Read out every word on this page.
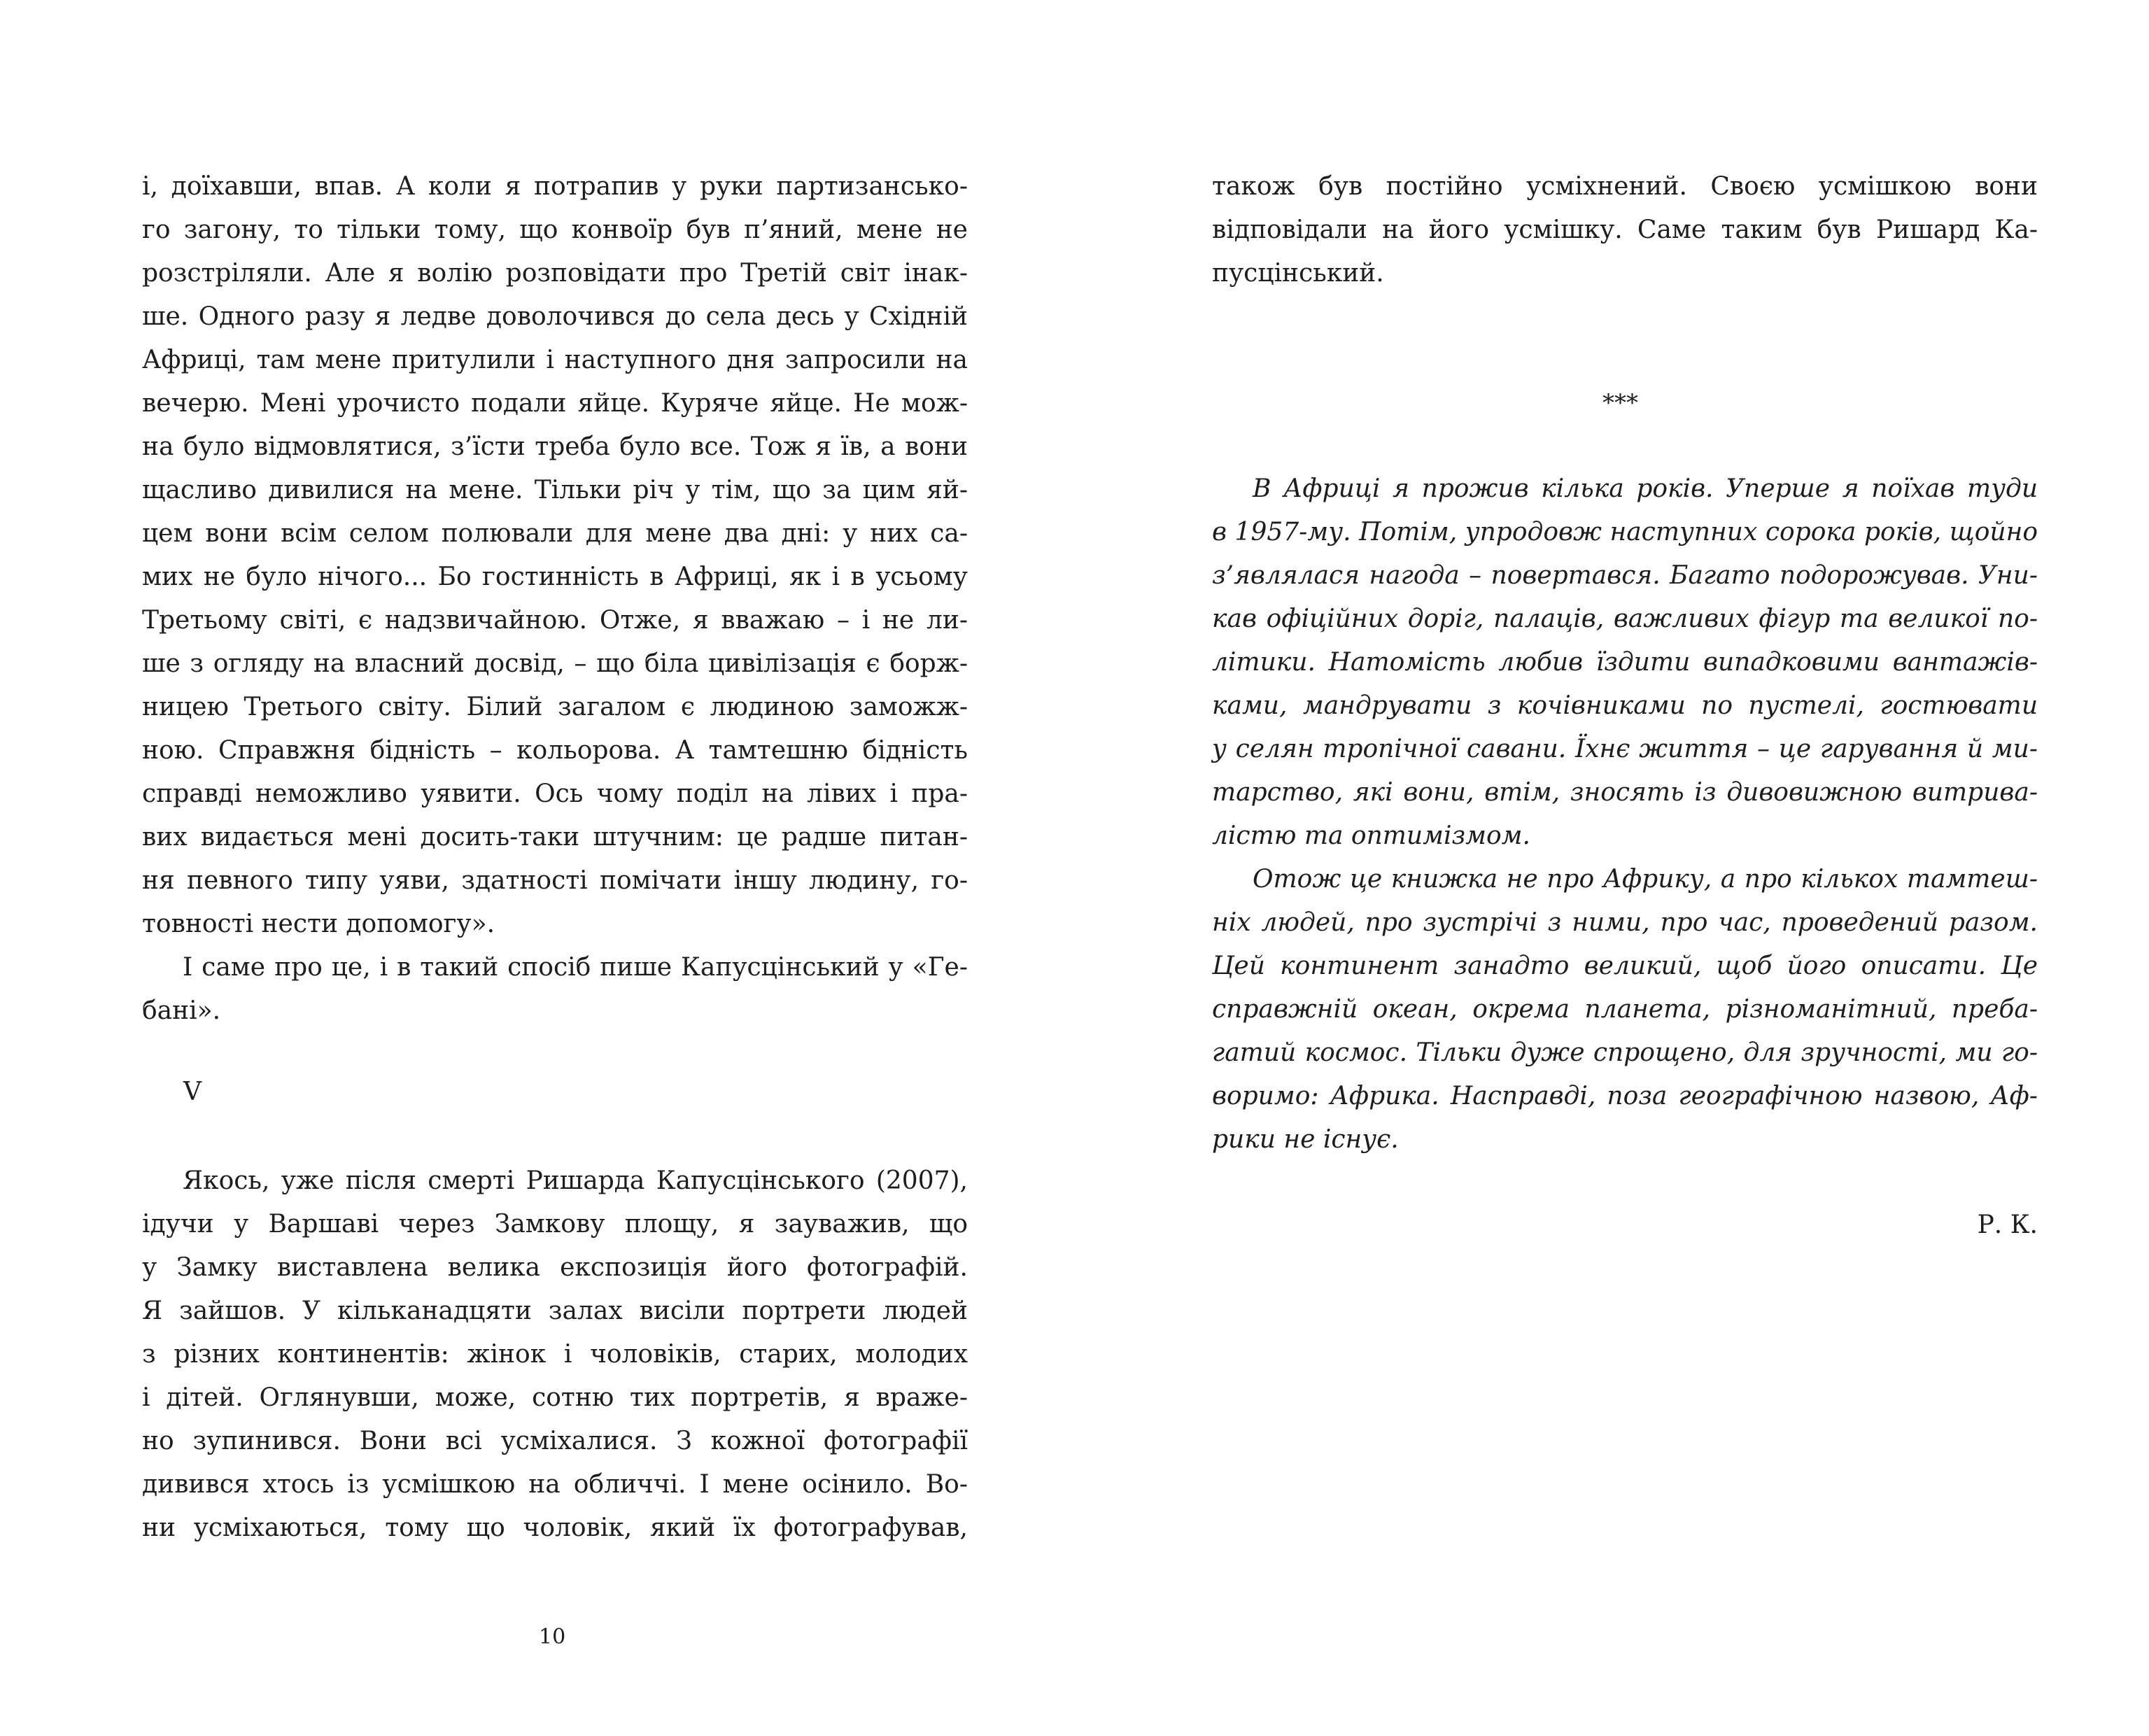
і, доїхавши, впав. А коли я потрапив у руки партизансько-
го загону, то тільки тому, що конвоїр був п’яний, мене не
розстріляли. Але я волію розповідати про Третій світ інак-
ше. Одного разу я ледве доволочився до села десь у Східній
Африці, там мене притулили і наступного дня запросили на
вечерю. Мені урочисто подали яйце. Куряче яйце. Не мож-
на було відмовлятися, з’їсти треба було все. Тож я їв, а вони
щасливо дивилися на мене. Тільки річ у тім, що за цим яй-
цем вони всім селом полювали для мене два дні: у них са-
мих не було нічого... Бо гостинність в Африці, як і в усьому
Третьому світі, є надзвичайною. Отже, я вважаю – і не ли-
ше з огляду на власний досвід, – що біла цивілізація є борж-
ницею Третього світу. Білий загалом є людиною заможж-
ною. Справжня бідність – кольорова. А тамтешню бідність
справді неможливо уявити. Ось чому поділ на лівих і пра-
вих видається мені досить-таки штучним: це радше питан-
ня певного типу уяви, здатності помічати іншу людину, го-
товності нести допомогу».
І саме про це, і в такий спосіб пише Капусцінський у «Ге-
бані».
V
Якось, уже після смерті Ришарда Капусцінського (2007),
ідучи у Варшаві через Замкову площу, я зауважив, що
у Замку виставлена велика експозиція його фотографій.
Я зайшов. У кільканадцяти залах висіли портрети людей
з різних континентів: жінок і чоловіків, старих, молодих
і дітей. Оглянувши, може, сотню тих портретів, я враже-
но зупинився. Вони всі усміхалися. З кожної фотографії
дивився хтось із усмішкою на обличчі. І мене осінило. Во-
ни усміхаються, тому що чоловік, який їх фотографував,
10
також був постійно усміхнений. Своєю усмішкою вони
відповідали на його усмішку. Саме таким був Ришард Ка-
пусцінський.
***
В Африці я прожив кілька років. Уперше я поїхав туди
в 1957-му. Потім, упродовж наступних сорока років, щойно
з’являлася нагода – повертався. Багато подорожував. Уни-
кав офіційних доріг, палаців, важливих фігур та великої по-
літики. Натомість любив їздити випадковими вантажів-
ками, мандрувати з кочівниками по пустелі, гостювати
у селян тропічної савани. Їхнє життя – це гарування й ми-
тарство, які вони, втім, зносять із дивовижною витрива-
лістю та оптимізмом.
Отож це книжка не про Африку, а про кількох тамтеш-
ніх людей, про зустрічі з ними, про час, проведений разом.
Цей континент занадто великий, щоб його описати. Це
справжній океан, окрема планета, різноманітний, преба-
гатий космос. Тільки дуже спрощено, для зручності, ми го-
воримо: Африка. Насправді, поза географічною назвою, Аф-
рики не існує.
Р. К.
